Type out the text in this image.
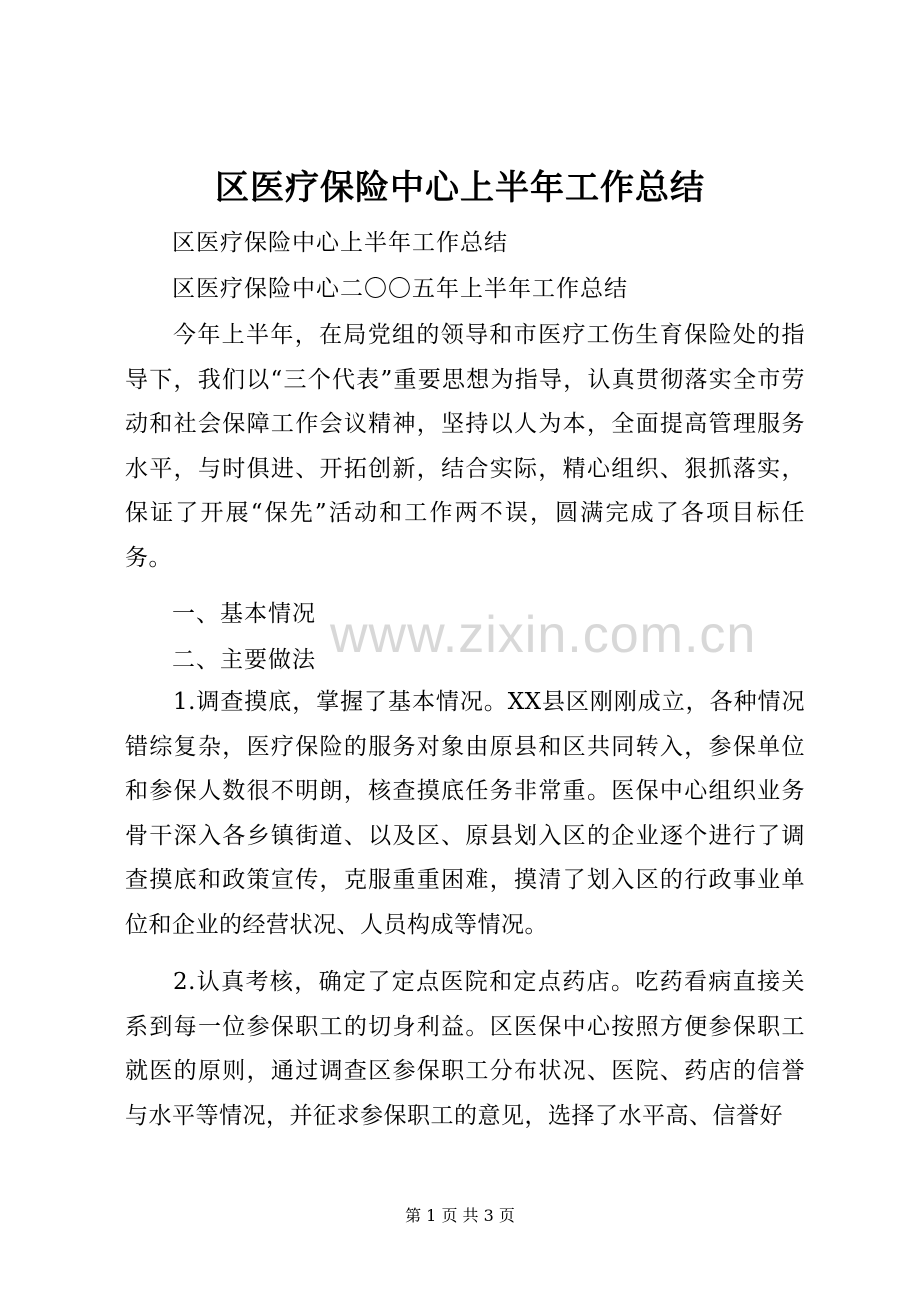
区医疗保险中心上半年工作总结
区医疗保险中心上半年工作总结
区医疗保险中心二〇〇五年上半年工作总结
今年上半年，在局党组的领导和市医疗工伤生育保险处的指导下，我们以“三个代表”重要思想为指导，认真贯彻落实全市劳动和社会保障工作会议精神，坚持以人为本，全面提高管理服务水平，与时俱进、开拓创新，结合实际，精心组织、狠抓落实，保证了开展“保先”活动和工作两不误，圆满完成了各项目标任务。
一、基本情况
二、主要做法
1.调查摸底，掌握了基本情况。XX县区刚刚成立，各种情况错综复杂，医疗保险的服务对象由原县和区共同转入，参保单位和参保人数很不明朗，核查摸底任务非常重。医保中心组织业务骨干深入各乡镇街道、以及区、原县划入区的企业逐个进行了调查摸底和政策宣传，克服重重困难，摸清了划入区的行政事业单位和企业的经营状况、人员构成等情况。
2.认真考核，确定了定点医院和定点药店。吃药看病直接关系到每一位参保职工的切身利益。区医保中心按照方便参保职工就医的原则，通过调查区参保职工分布状况、医院、药店的信誉与水平等情况，并征求参保职工的意见，选择了水平高、信誉好
www.zixin.com.cn
第 1 页 共 3 页
